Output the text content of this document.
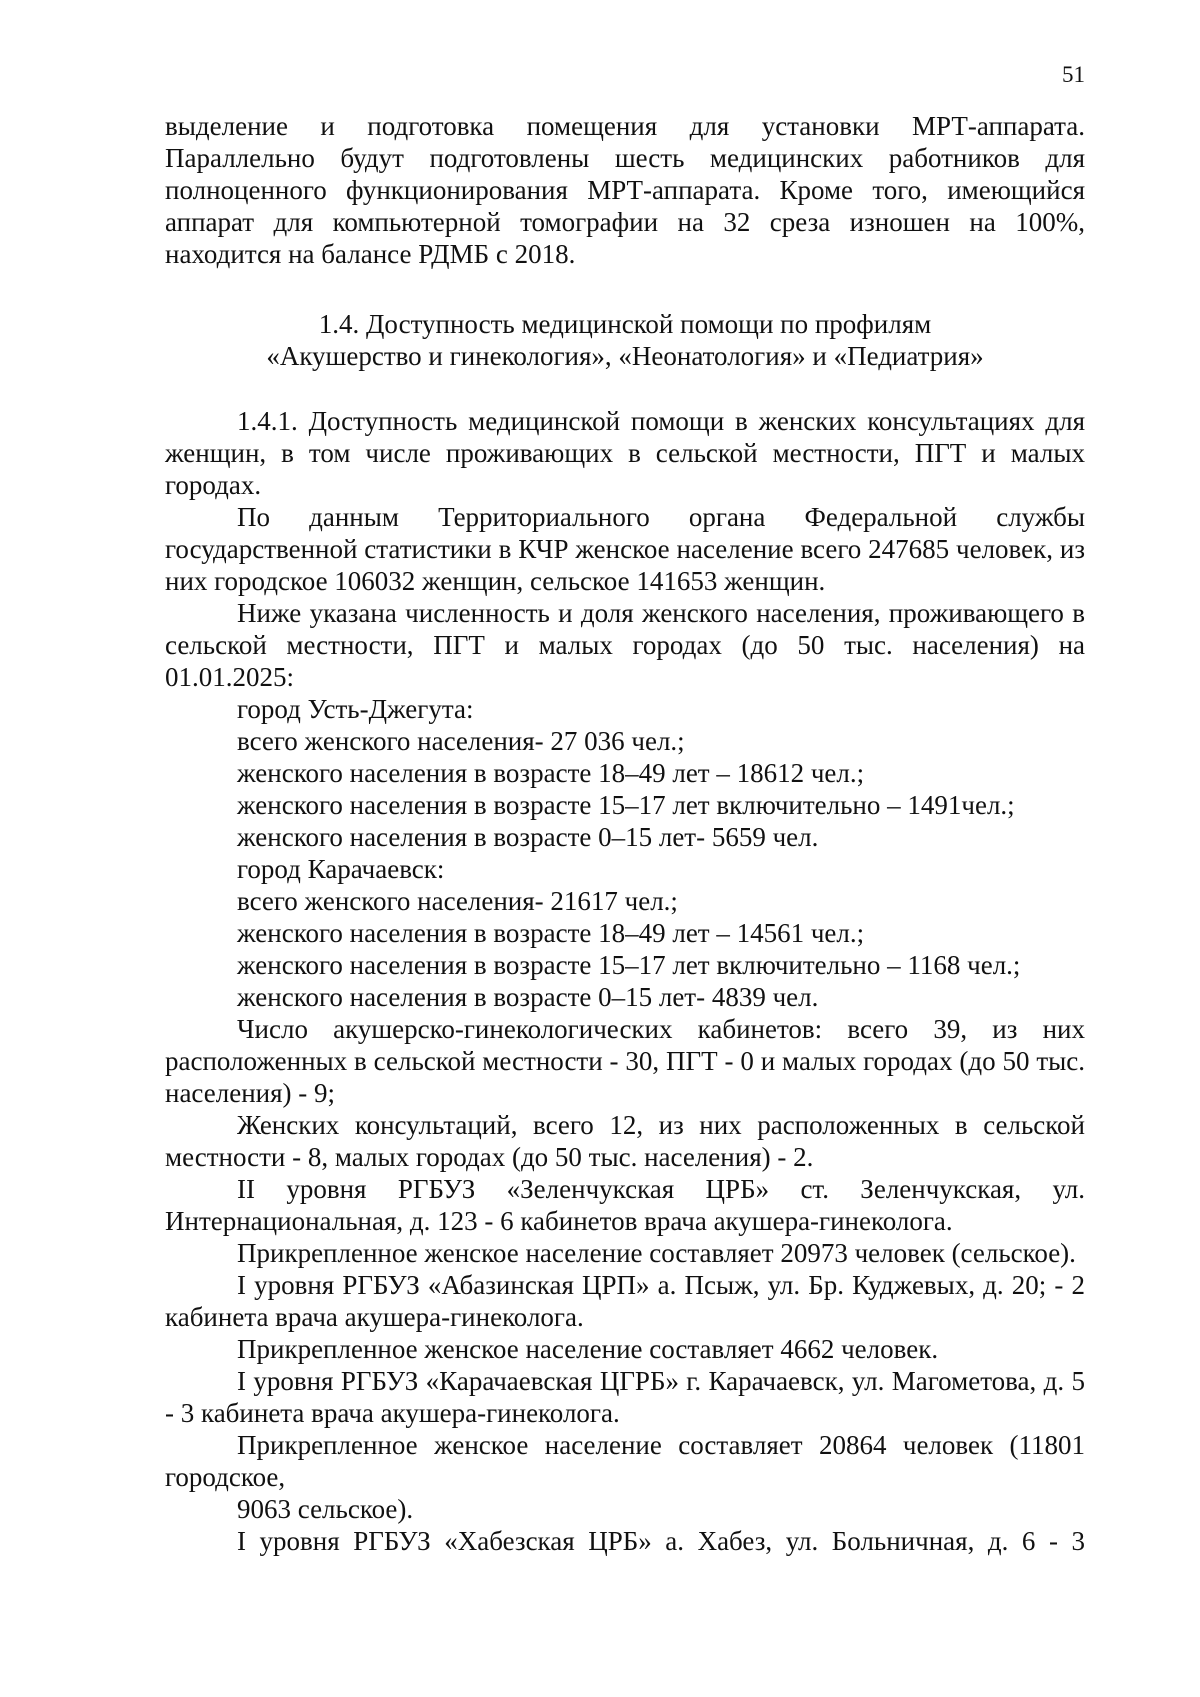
51

выделение и подготовка помещения для установки МРТ-аппарата. Параллельно будут подготовлены шесть медицинских работников для полноценного функционирования МРТ-аппарата. Кроме того, имеющийся аппарат для компьютерной томографии на 32 среза изношен на 100%, находится на балансе РДМБ с 2018.

1.4. Доступность медицинской помощи по профилям

«Акушерство и гинекология», «Неонатология» и «Педиатрия»

1.4.1. Доступность медицинской помощи в женских консультациях для женщин, в том числе проживающих в сельской местности, ПГТ и малых городах.

По данным Территориального органа Федеральной службы государственной статистики в КЧР женское население всего 247685 человек, из них городское 106032 женщин, сельское 141653 женщин.

Ниже указана численность и доля женского населения, проживающего в сельской местности, ПГТ и малых городах (до 50 тыс. населения) на 01.01.2025:

город Усть-Джегута:

всего женского населения- 27 036 чел.;

женского населения в возрасте 18–49 лет – 18612 чел.;

женского населения в возрасте 15–17 лет включительно – 1491чел.;

женского населения в возрасте 0–15 лет- 5659 чел.

город Карачаевск:

всего женского населения- 21617 чел.;

женского населения в возрасте 18–49 лет – 14561 чел.;

женского населения в возрасте 15–17 лет включительно – 1168 чел.;

женского населения в возрасте 0–15 лет- 4839 чел.

Число акушерско-гинекологических кабинетов: всего 39, из них расположенных в сельской местности - 30, ПГТ - 0 и малых городах (до 50 тыс. населения) - 9;

Женских консультаций, всего 12, из них расположенных в сельской местности - 8, малых городах (до 50 тыс. населения) - 2.

II уровня РГБУЗ «Зеленчукская ЦРБ» ст. Зеленчукская, ул. Интернациональная, д. 123 - 6 кабинетов врача акушера-гинеколога.

Прикрепленное женское население составляет 20973 человек (сельское).

I уровня РГБУЗ «Абазинская ЦРП» а. Псыж, ул. Бр. Куджевых, д. 20; - 2 кабинета врача акушера-гинеколога.

Прикрепленное женское население составляет 4662 человек.

I уровня РГБУЗ «Карачаевская ЦГРБ» г. Карачаевск, ул. Магометова, д. 5 - 3 кабинета врача акушера-гинеколога.

Прикрепленное женское население составляет 20864 человек (11801 городское,

9063 сельское).

I уровня РГБУЗ «Хабезская ЦРБ» а. Хабез, ул. Больничная, д. 6 - 3
